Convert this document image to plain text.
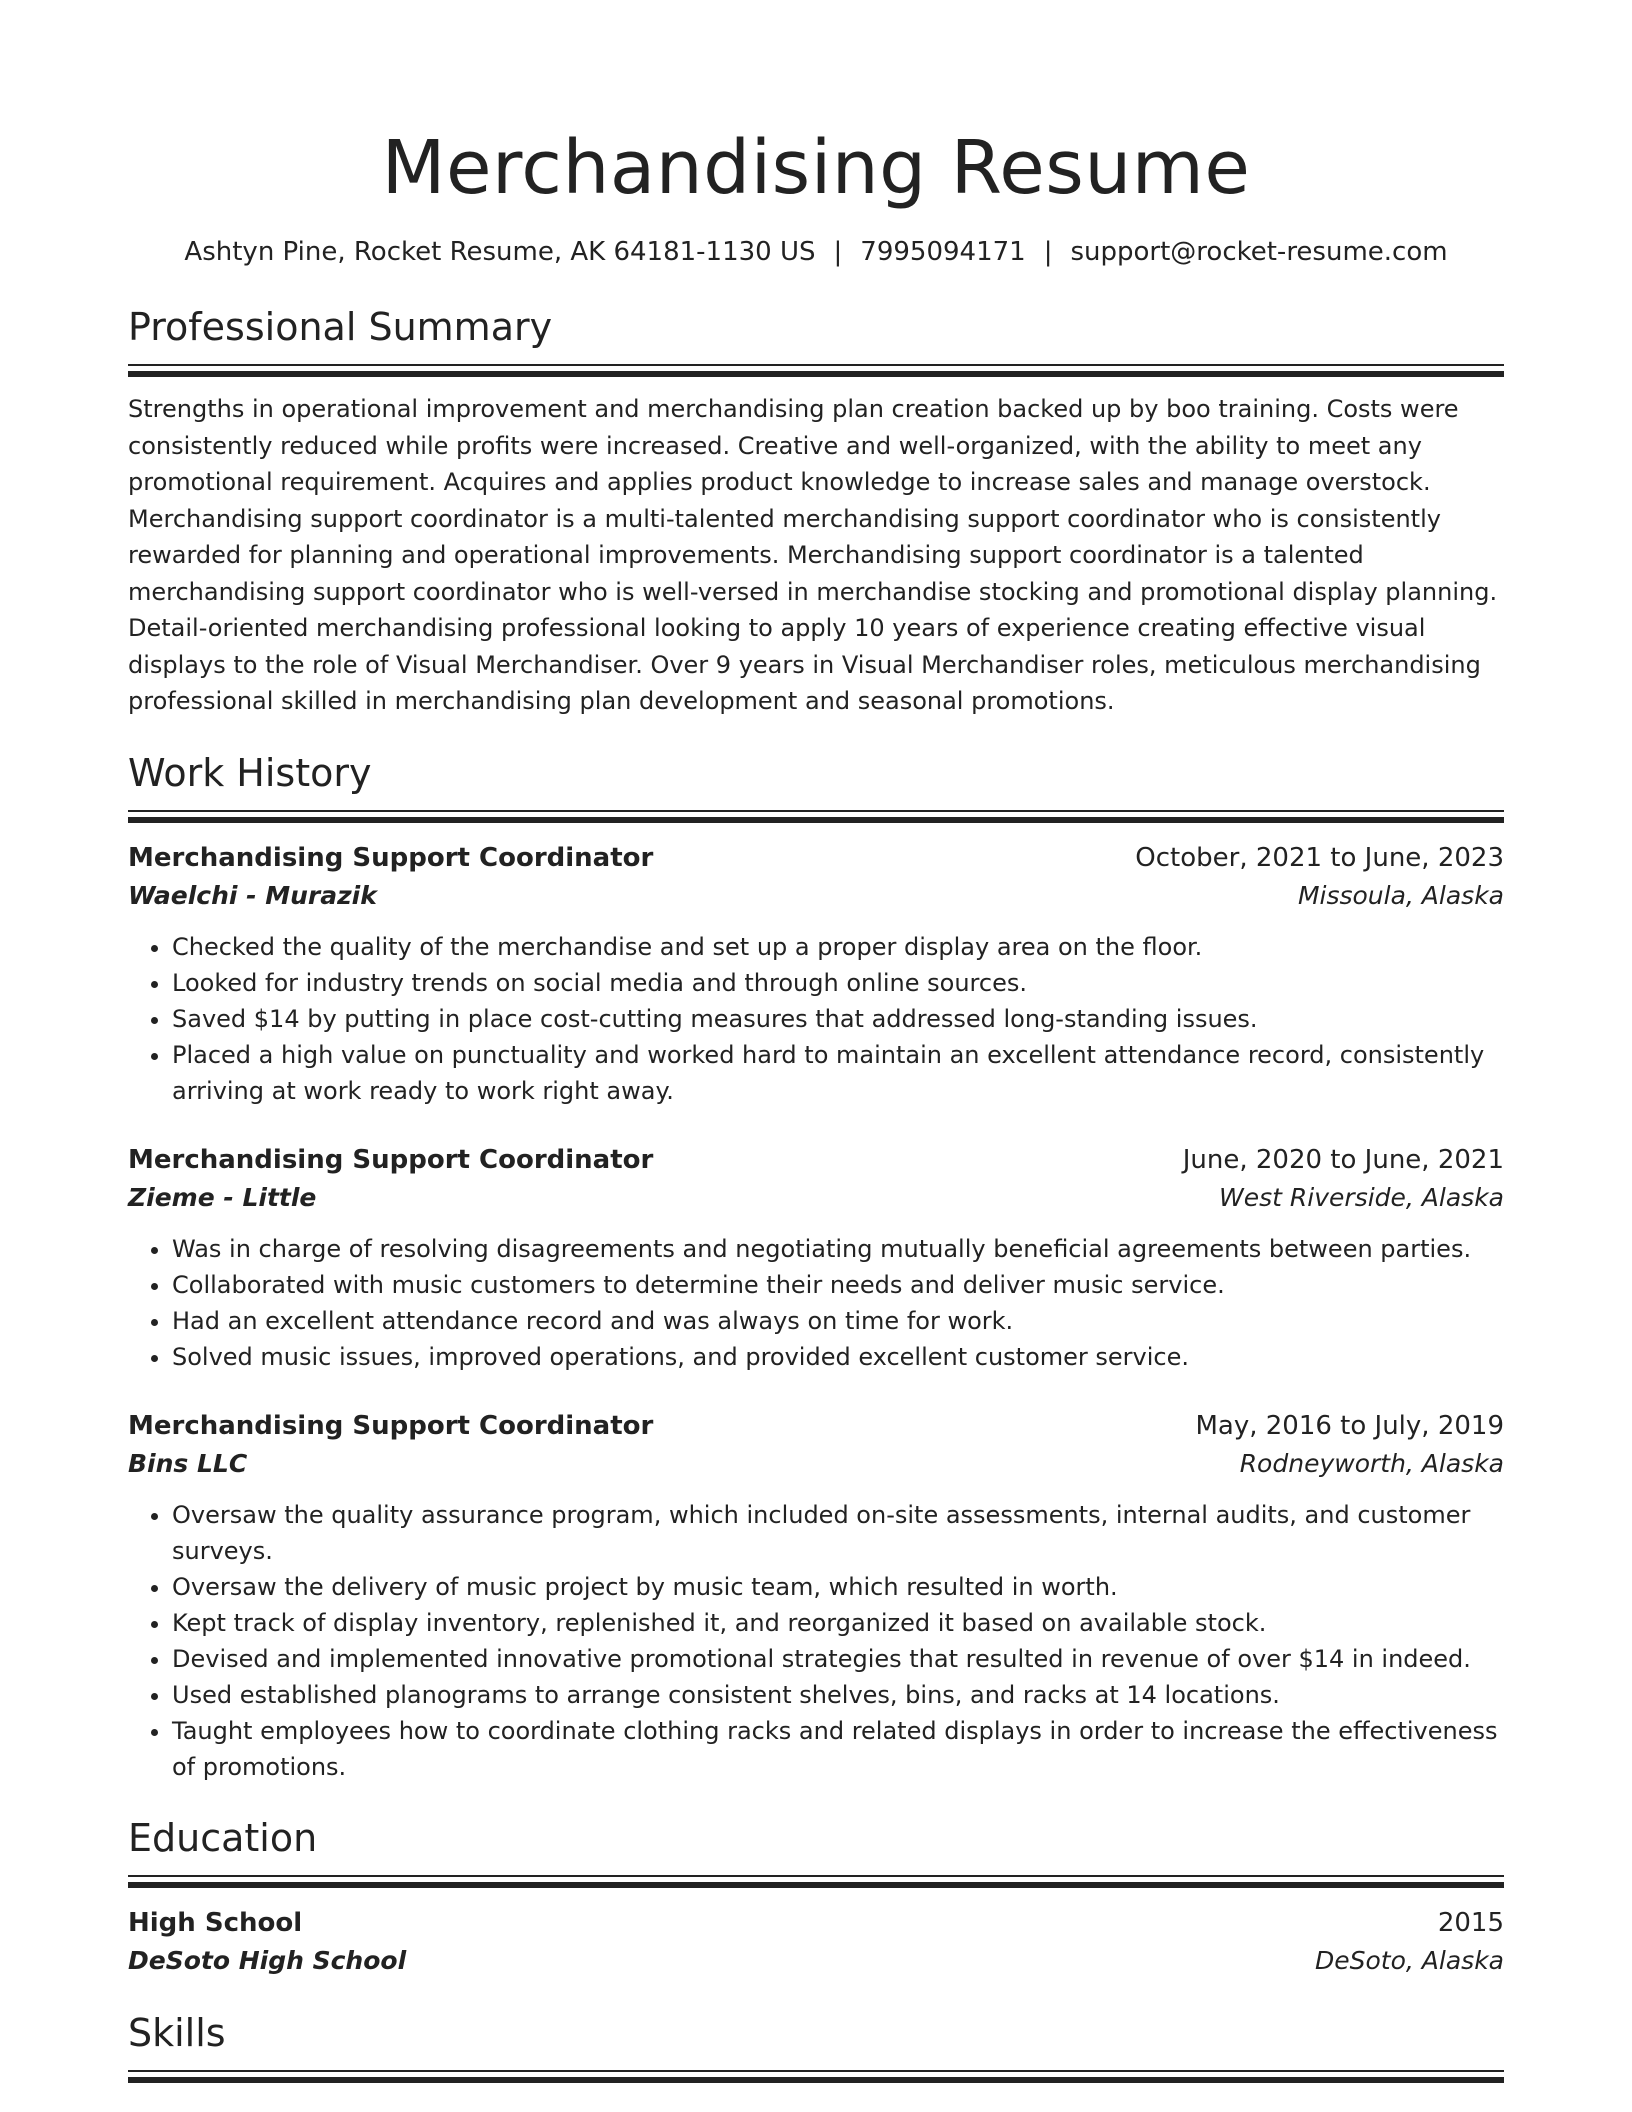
Merchandising Resume
Ashtyn Pine, Rocket Resume, AK 64181-1130 US | 7995094171 | support@rocket-resume.com
Professional Summary

Strengths in operational improvement and merchandising plan creation backed up by boo training. Costs were consistently reduced while profits were increased. Creative and well-organized, with the ability to meet any promotional requirement. Acquires and applies product knowledge to increase sales and manage overstock. Merchandising support coordinator is a multi-talented merchandising support coordinator who is consistently rewarded for planning and operational improvements. Merchandising support coordinator is a talented merchandising support coordinator who is well-versed in merchandise stocking and promotional display planning. Detail-oriented merchandising professional looking to apply 10 years of experience creating effective visual displays to the role of Visual Merchandiser. Over 9 years in Visual Merchandiser roles, meticulous merchandising professional skilled in merchandising plan development and seasonal promotions.

Work History
Merchandising Support Coordinator	October, 2021 to June, 2023
Waelchi - Murazik	Missoula, Alaska
• Checked the quality of the merchandise and set up a proper display area on the floor.
• Looked for industry trends on social media and through online sources.
• Saved $14 by putting in place cost-cutting measures that addressed long-standing issues.
• Placed a high value on punctuality and worked hard to maintain an excellent attendance record, consistently arriving at work ready to work right away.
Merchandising Support Coordinator	June, 2020 to June, 2021
Zieme - Little	West Riverside, Alaska
• Was in charge of resolving disagreements and negotiating mutually beneficial agreements between parties.
• Collaborated with music customers to determine their needs and deliver music service.
• Had an excellent attendance record and was always on time for work.
• Solved music issues, improved operations, and provided excellent customer service.
Merchandising Support Coordinator	May, 2016 to July, 2019
Bins LLC	Rodneyworth, Alaska
• Oversaw the quality assurance program, which included on-site assessments, internal audits, and customer surveys.
• Oversaw the delivery of music project by music team, which resulted in worth.
• Kept track of display inventory, replenished it, and reorganized it based on available stock.
• Devised and implemented innovative promotional strategies that resulted in revenue of over $14 in indeed.
• Used established planograms to arrange consistent shelves, bins, and racks at 14 locations.
• Taught employees how to coordinate clothing racks and related displays in order to increase the effectiveness of promotions.
Education
High School	2015
DeSoto High School	DeSoto, Alaska
Skills
